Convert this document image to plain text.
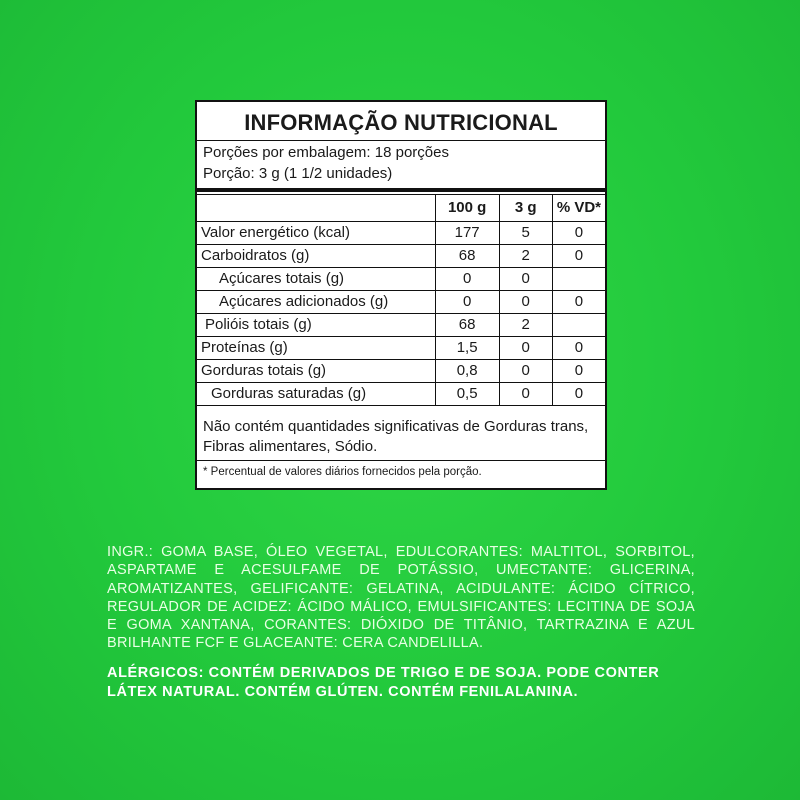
INFORMAÇÃO NUTRICIONAL
Porções por embalagem: 18 porções
Porção: 3 g (1 1/2 unidades)
	100 g	3 g	% VD*
Valor energético (kcal)	177	5	0
Carboidratos (g)	68	2	0
Açúcares totais (g)	0	0	
Açúcares adicionados (g)	0	0	0
Polióis totais (g)	68	2	
Proteínas (g)	1,5	0	0
Gorduras totais (g)	0,8	0	0
Gorduras saturadas (g)	0,5	0	0
Não contém quantidades significativas de Gorduras trans, Fibras alimentares, Sódio.
* Percentual de valores diários fornecidos pela porção.
INGR.: GOMA BASE, ÓLEO VEGETAL, EDULCORANTES: MALTITOL, SORBITOL, ASPARTAME E ACESULFAME DE POTÁSSIO, UMECTANTE: GLICERINA, AROMATIZANTES, GELIFICANTE: GELATINA, ACIDULANTE: ÁCIDO CÍTRICO, REGULADOR DE ACIDEZ: ÁCIDO MÁLICO, EMULSIFICANTES: LECITINA DE SOJA E GOMA XANTANA, CORANTES: DIÓXIDO DE TITÂNIO, TARTRAZINA E AZUL BRILHANTE FCF E GLACEANTE: CERA CANDELILLA.
ALÉRGICOS: CONTÉM DERIVADOS DE TRIGO E DE SOJA. PODE CONTER LÁTEX NATURAL. CONTÉM GLÚTEN. CONTÉM FENILALANINA.
